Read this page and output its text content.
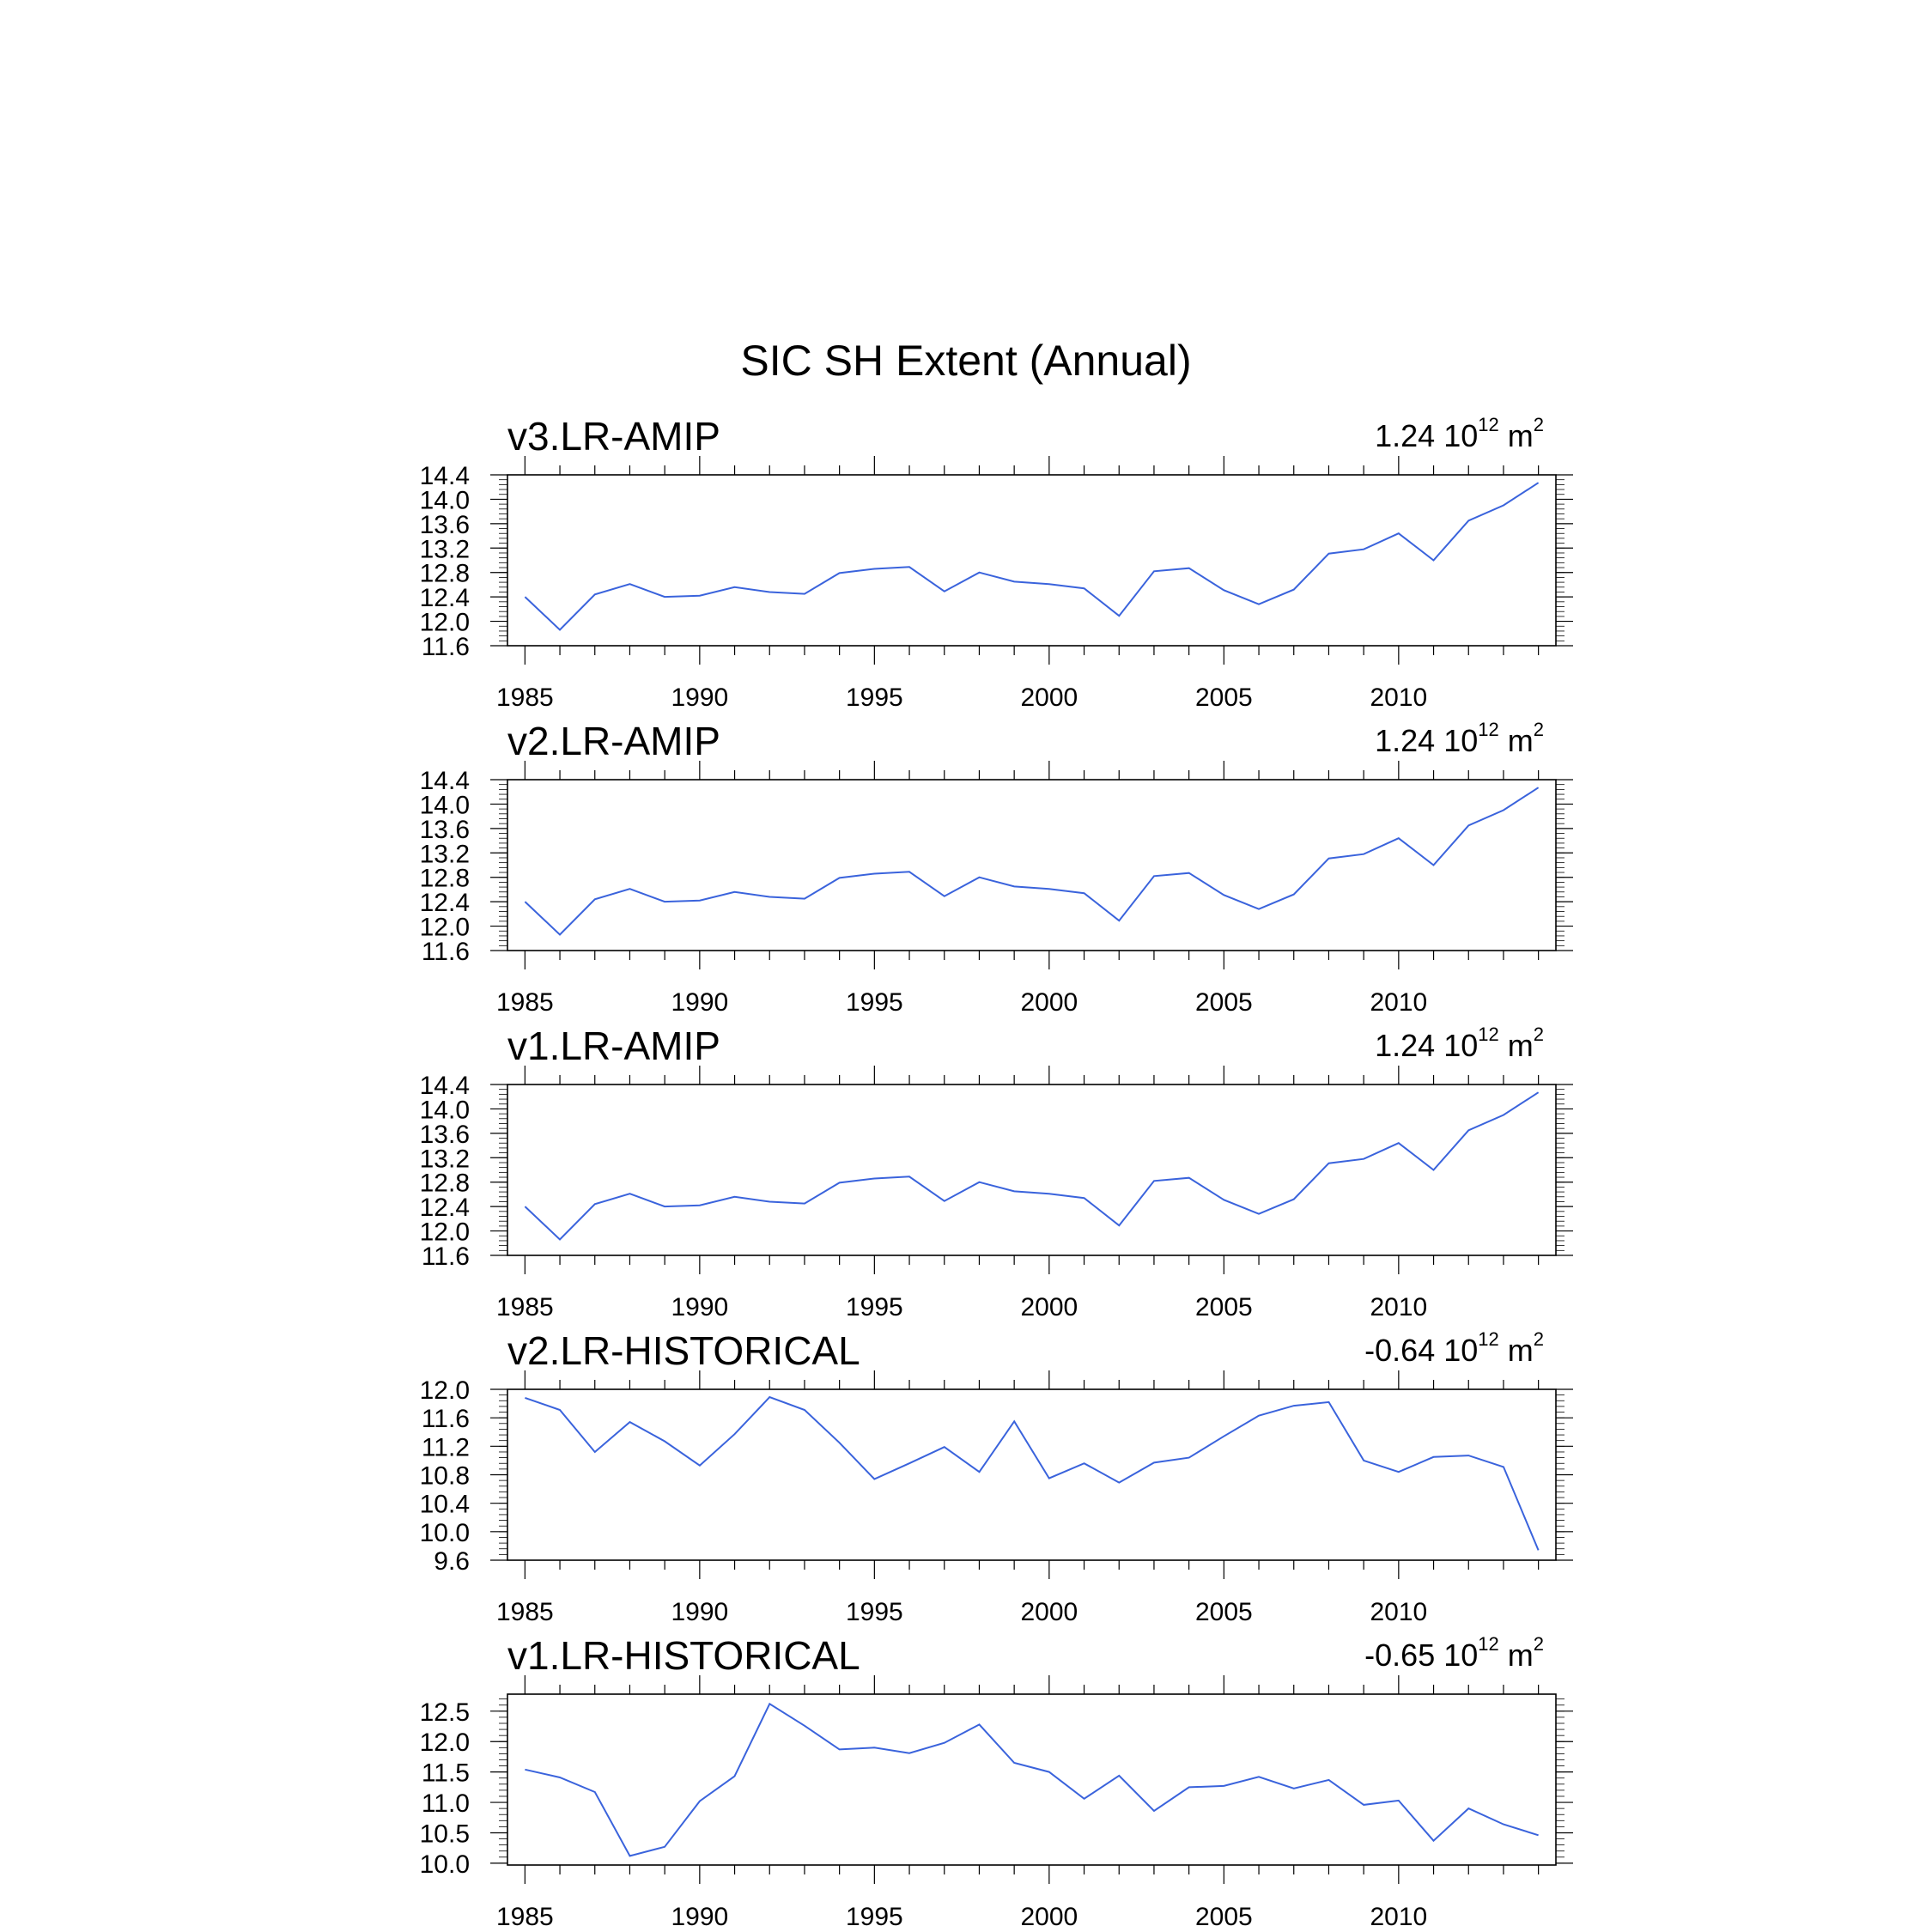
SIC SH Extent (Annual)
1985	1990	1995	2000	2005	2010
11.6
12.0
12.4
12.8
13.2
13.6
14.0
14.4
1985	1990	1995	2000	2005	2010
11.6
12.0
12.4
12.8
13.2
13.6
14.0
14.4
1985	1990	1995	2000	2005	2010
11.6
12.0
12.4
12.8
13.2
13.6
14.0
14.4
1985	1990	1995	2000	2005	2010
9.6
10.0
10.4
10.8
11.2
11.6
12.0
1985	1990	1995	2000	2005	2010
10.0
10.5
11.0
11.5
12.0
12.5
v3.LR-AMIP	1.24 $10^{12}$ $m^2$
v2.LR-AMIP	1.24 $10^{12}$ $m^2$
v1.LR-AMIP	1.24 $10^{12}$ $m^2$
v2.LR-HISTORICAL	-0.64 $10^{12}$ $m^2$
v1.LR-HISTORICAL	-0.65 $10^{12}$ $m^2$
